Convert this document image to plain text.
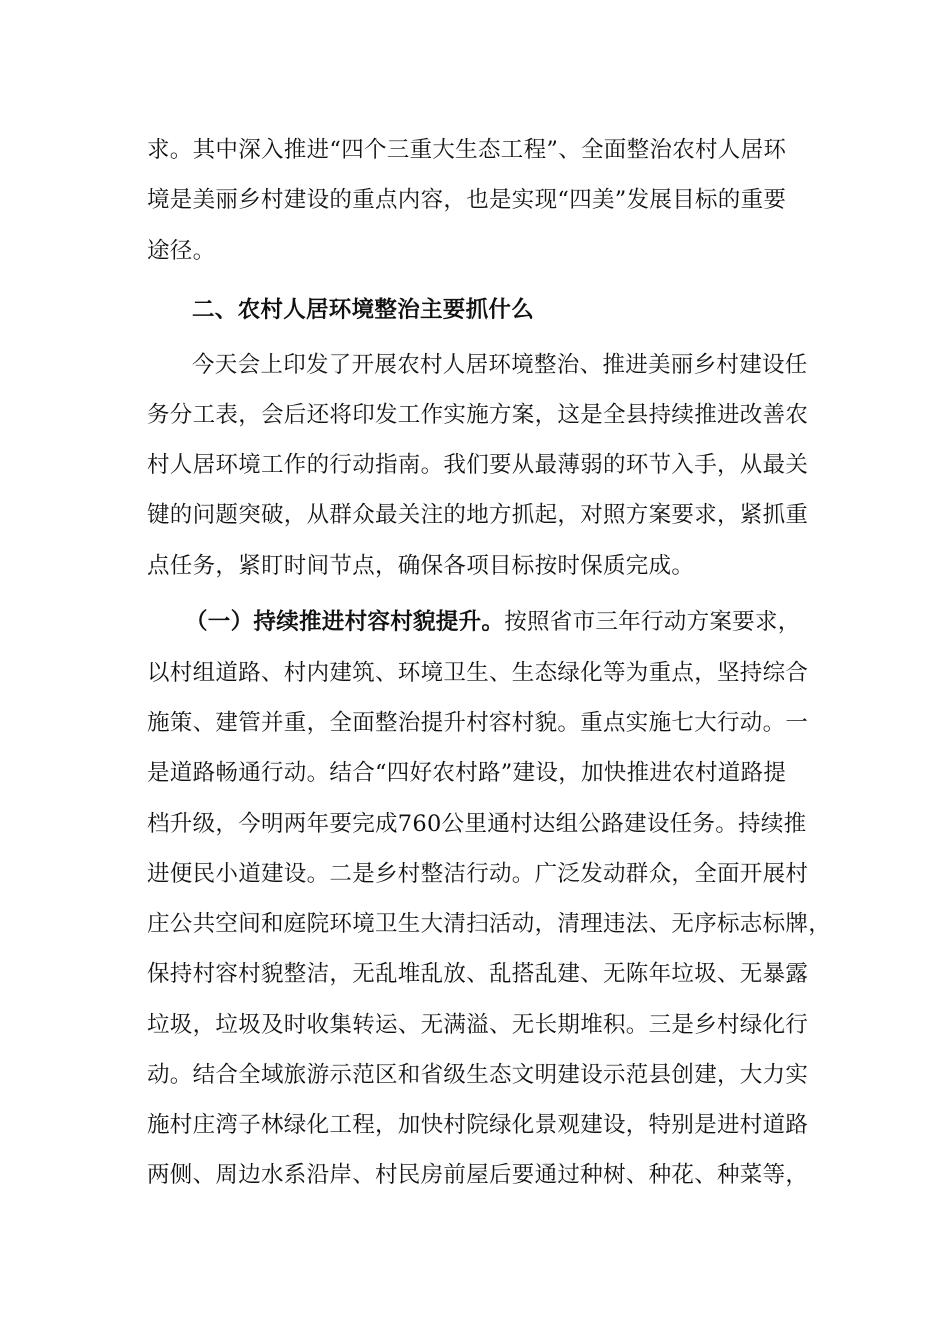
求。其中深入推进“四个三重大生态工程”、全面整治农村人居环
境是美丽乡村建设的重点内容，也是实现“四美”发展目标的重要
途径。
二、农村人居环境整治主要抓什么
今天会上印发了开展农村人居环境整治、推进美丽乡村建设任
务分工表，会后还将印发工作实施方案，这是全县持续推进改善农
村人居环境工作的行动指南。我们要从最薄弱的环节入手，从最关
键的问题突破，从群众最关注的地方抓起，对照方案要求，紧抓重
点任务，紧盯时间节点，确保各项目标按时保质完成。
（一）持续推进村容村貌提升。按照省市三年行动方案要求，
以村组道路、村内建筑、环境卫生、生态绿化等为重点，坚持综合
施策、建管并重，全面整治提升村容村貌。重点实施七大行动。一
是道路畅通行动。结合“四好农村路”建设，加快推进农村道路提
档升级，今明两年要完成760公里通村达组公路建设任务。持续推
进便民小道建设。二是乡村整洁行动。广泛发动群众，全面开展村
庄公共空间和庭院环境卫生大清扫活动，清理违法、无序标志标牌，
保持村容村貌整洁，无乱堆乱放、乱搭乱建、无陈年垃圾、无暴露
垃圾，垃圾及时收集转运、无满溢、无长期堆积。三是乡村绿化行
动。结合全域旅游示范区和省级生态文明建设示范县创建，大力实
施村庄湾子林绿化工程，加快村院绿化景观建设，特别是进村道路
两侧、周边水系沿岸、村民房前屋后要通过种树、种花、种菜等，
